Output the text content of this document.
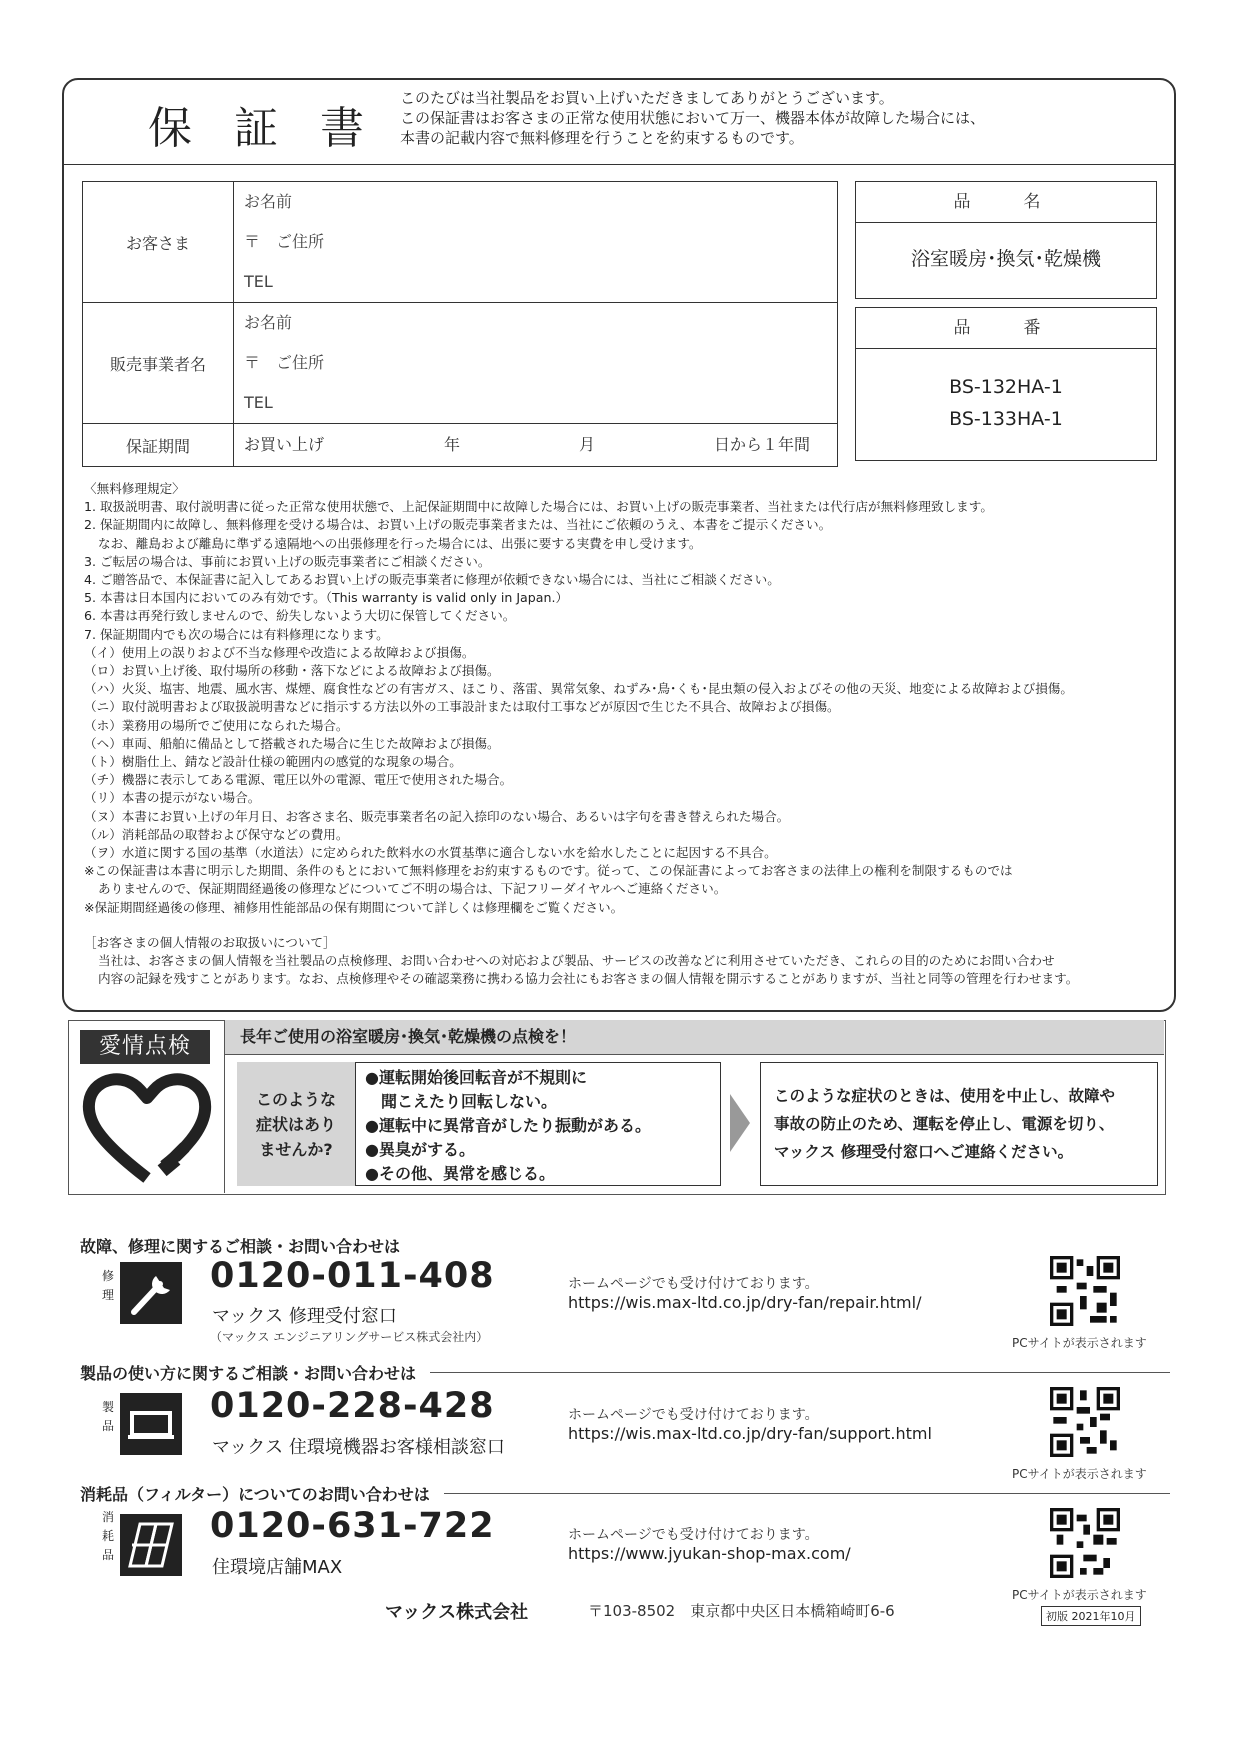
保 証 書
このたびは当社製品をお買い上げいただきましてありがとうございます。
この保証書はお客さまの正常な使用状態において万一、機器本体が故障した場合には、
本書の記載内容で無料修理を行うことを約束するものです。
お客さま	お名前
〒　ご住所
TEL

販売事業者名	お名前
〒　ご住所
TEL

保証期間	お買い上げ 年 月 日から１年間
品　名
浴室暖房･換気･乾燥機
品　番
BS-132HA-1
BS-133HA-1
〈無料修理規定〉
1. 取扱説明書、取付説明書に従った正常な使用状態で、上記保証期間中に故障した場合には、お買い上げの販売事業者、当社または代行店が無料修理致します。
2. 保証期間内に故障し、無料修理を受ける場合は、お買い上げの販売事業者または、当社にご依頼のうえ、本書をご提示ください。
なお、離島および離島に準ずる遠隔地への出張修理を行った場合には、出張に要する実費を申し受けます。
3. ご転居の場合は、事前にお買い上げの販売事業者にご相談ください。
4. ご贈答品で、本保証書に記入してあるお買い上げの販売事業者に修理が依頼できない場合には、当社にご相談ください。
5. 本書は日本国内においてのみ有効です。（This warranty is valid only in Japan.）
6. 本書は再発行致しませんので、紛失しないよう大切に保管してください。
7. 保証期間内でも次の場合には有料修理になります。
（イ）使用上の誤りおよび不当な修理や改造による故障および損傷。
（ロ）お買い上げ後、取付場所の移動・落下などによる故障および損傷。
（ハ）火災、塩害、地震、風水害、煤煙、腐食性などの有害ガス、ほこり、落雷、異常気象、ねずみ･鳥･くも･昆虫類の侵入およびその他の天災、地変による故障および損傷。
（ニ）取付説明書および取扱説明書などに指示する方法以外の工事設計または取付工事などが原因で生じた不具合、故障および損傷。
（ホ）業務用の場所でご使用になられた場合。
（ヘ）車両、船舶に備品として搭載された場合に生じた故障および損傷。
（ト）樹脂仕上、錆など設計仕様の範囲内の感覚的な現象の場合。
（チ）機器に表示してある電源、電圧以外の電源、電圧で使用された場合。
（リ）本書の提示がない場合。
（ヌ）本書にお買い上げの年月日、お客さま名、販売事業者名の記入捺印のない場合、あるいは字句を書き替えられた場合。
（ル）消耗部品の取替および保守などの費用。
（ヲ）水道に関する国の基準（水道法）に定められた飲料水の水質基準に適合しない水を給水したことに起因する不具合。
※この保証書は本書に明示した期間、条件のもとにおいて無料修理をお約束するものです。従って、この保証書によってお客さまの法律上の権利を制限するものでは
ありませんので、保証期間経過後の修理などについてご不明の場合は、下記フリーダイヤルへご連絡ください。
※保証期間経過後の修理、補修用性能部品の保有期間について詳しくは修理欄をご覧ください。
［お客さまの個人情報のお取扱いについて］
当社は、お客さまの個人情報を当社製品の点検修理、お問い合わせへの対応および製品、サービスの改善などに利用させていただき、これらの目的のためにお問い合わせ
内容の記録を残すことがあります。なお、点検修理やその確認業務に携わる協力会社にもお客さまの個人情報を開示することがありますが、当社と同等の管理を行わせます。
愛情点検	長年ご使用の浴室暖房･換気･乾燥機の点検を！
このような
症状はあり
ませんか?
●運転開始後回転音が不規則に
　聞こえたり回転しない。
●運転中に異常音がしたり振動がある。
●異臭がする。
●その他、異常を感じる。
このような症状のときは、使用を中止し、故障や
事故の防止のため、運転を停止し、電源を切り、
マックス 修理受付窓口へご連絡ください。
故障、修理に関するご相談・お問い合わせは
修
理	0120-011-408
マックス 修理受付窓口
（マックス エンジニアリングサービス株式会社内）
ホームページでも受け付けております。
https://wis.max-ltd.co.jp/dry-fan/repair.html/
PCサイトが表示されます
製品の使い方に関するご相談・お問い合わせは
製
品	0120-228-428
マックス 住環境機器お客様相談窓口
ホームページでも受け付けております。
https://wis.max-ltd.co.jp/dry-fan/support.html
PCサイトが表示されます
消耗品（フィルター）についてのお問い合わせは
消
耗
品
0120-631-722
住環境店舗MAX
ホームページでも受け付けております。
https://www.jyukan-shop-max.com/
PCサイトが表示されます
マックス株式会社	〒103-8502　東京都中央区日本橋箱崎町6-6	初版 2021年10月
